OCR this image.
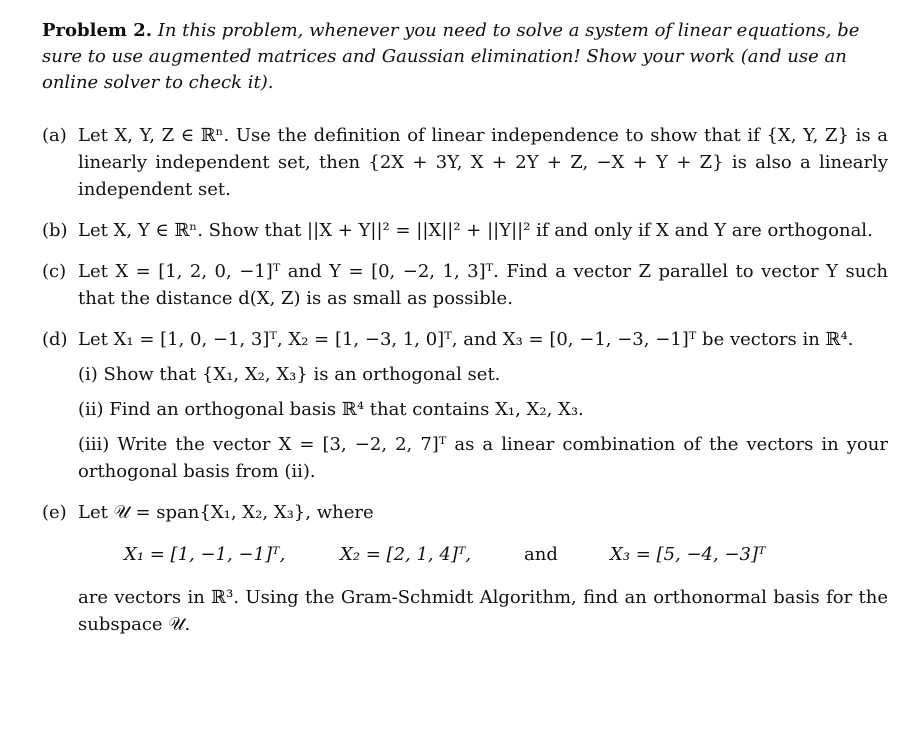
Problem 2. In this problem, whenever you need to solve a system of linear equations, be sure to use augmented matrices and Gaussian elimination! Show your work (and use an online solver to check it).

(a) Let X, Y, Z ∈ ℝⁿ. Use the definition of linear independence to show that if {X, Y, Z} is a linearly independent set, then {2X + 3Y, X + 2Y + Z, −X + Y + Z} is also a linearly independent set.
(b) Let X, Y ∈ ℝⁿ. Show that ||X + Y||² = ||X||² + ||Y||² if and only if X and Y are orthogonal.
(c) Let X = [1, 2, 0, −1]ᵀ and Y = [0, −2, 1, 3]ᵀ. Find a vector Z parallel to vector Y such that the distance d(X, Z) is as small as possible.
(d) Let X₁ = [1, 0, −1, 3]ᵀ, X₂ = [1, −3, 1, 0]ᵀ, and X₃ = [0, −1, −3, −1]ᵀ be vectors in ℝ⁴.
(i) Show that {X₁, X₂, X₃} is an orthogonal set.
(ii) Find an orthogonal basis ℝ⁴ that contains X₁, X₂, X₃.
(iii) Write the vector X = [3, −2, 2, 7]ᵀ as a linear combination of the vectors in your orthogonal basis from (ii).
(e) Let 𝒰 = span{X₁, X₂, X₃}, where
X₁ = [1, −1, −1]ᵀ,	X₂ = [2, 1, 4]ᵀ,	and	X₃ = [5, −4, −3]ᵀ
are vectors in ℝ³. Using the Gram-Schmidt Algorithm, find an orthonormal basis for the subspace 𝒰.
